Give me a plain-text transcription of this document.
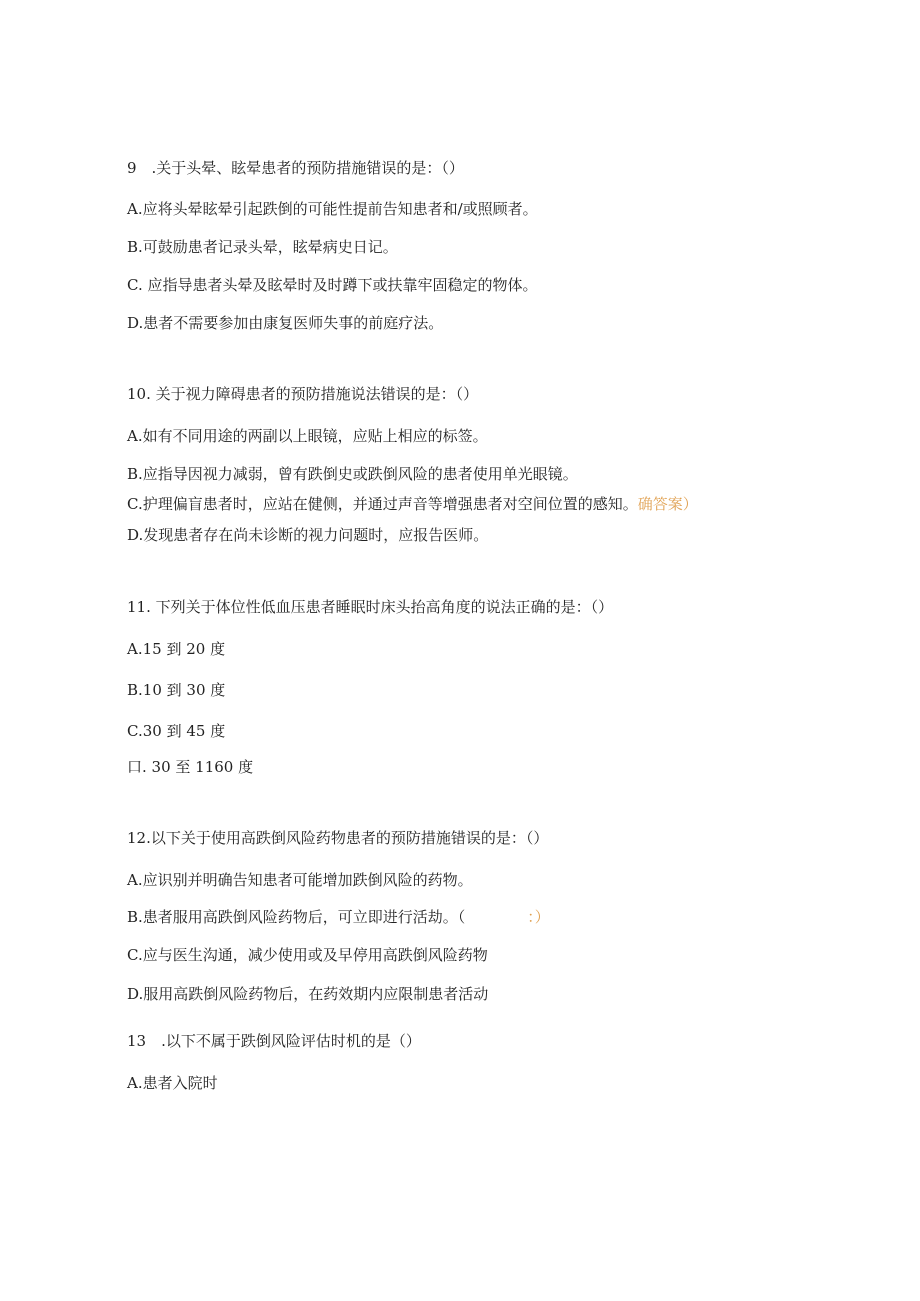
9　.关于头晕、眩晕患者的预防措施错误的是：（）
A.应将头晕眩晕引起跌倒的可能性提前告知患者和/或照顾者。
B.可鼓励患者记录头晕，眩晕病史日记。
C. 应指导患者头晕及眩晕时及时蹲下或扶靠牢固稳定的物体。
D.患者不需要参加由康复医师失事的前庭疗法。
10. 关于视力障碍患者的预防措施说法错误的是：（）
A.如有不同用途的两副以上眼镜，应贴上相应的标签。
B.应指导因视力减弱，曾有跌倒史或跌倒风险的患者使用单光眼镜。
C.护理偏盲患者时，应站在健侧，并通过声音等增强患者对空间位置的感知。确答案）
D.发现患者存在尚未诊断的视力问题时，应报告医师。
11. 下列关于体位性低血压患者睡眠时床头抬高角度的说法正确的是：（）
A.15 到 20 度
B.10 到 30 度
C.30 到 45 度
口. 30 至 1160 度
12.以下关于使用高跌倒风险药物患者的预防措施错误的是：（）
A.应识别并明确告知患者可能增加跌倒风险的药物。
B.患者服用高跌倒风险药物后，可立即进行活劫。（	：）
C.应与医生沟通，减少使用或及早停用高跌倒风险药物
D.服用高跌倒风险药物后，在药效期内应限制患者活动
13　.以下不属于跌倒风险评估时机的是（）
A.患者入院时
